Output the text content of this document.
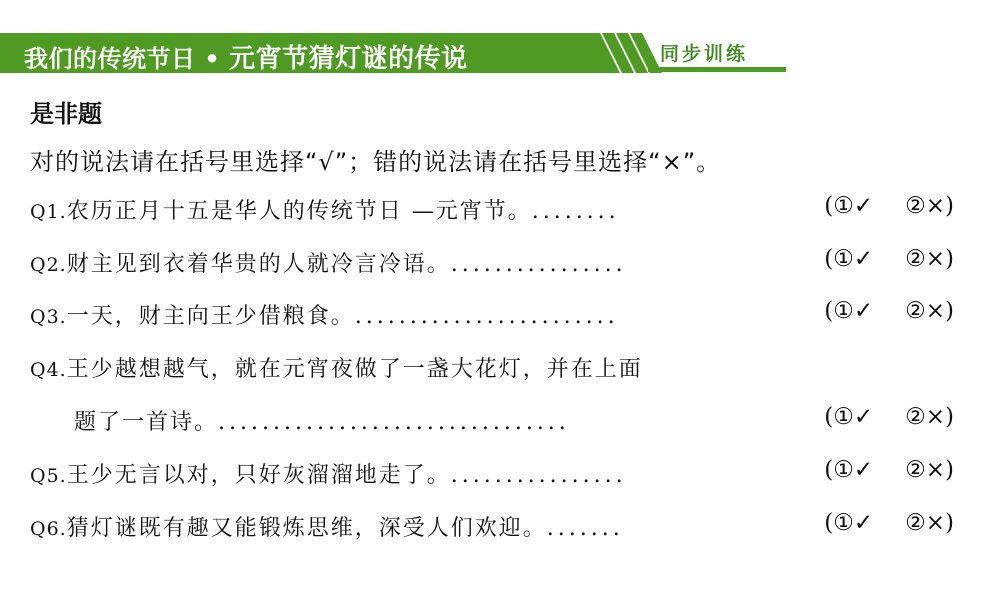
我们的传统节日 • 元宵节猜灯谜的传说	同步训练
是非题
对的说法请在括号里选择“√”；错的说法请在括号里选择“×”。
Q1.农历正月十五是华人的传统节日 —元宵节。........	(①✓ ②×)
Q2.财主见到衣着华贵的人就冷言冷语。................	(①✓ ②×)
Q3.一天，财主向王少借粮食。........................	(①✓ ②×)
Q4.王少越想越气，就在元宵夜做了一盏大花灯，并在上面
题了一首诗。................................	(①✓ ②×)
Q5.王少无言以对，只好灰溜溜地走了。................	(①✓ ②×)
Q6.猜灯谜既有趣又能锻炼思维，深受人们欢迎。.......	(①✓ ②×)
